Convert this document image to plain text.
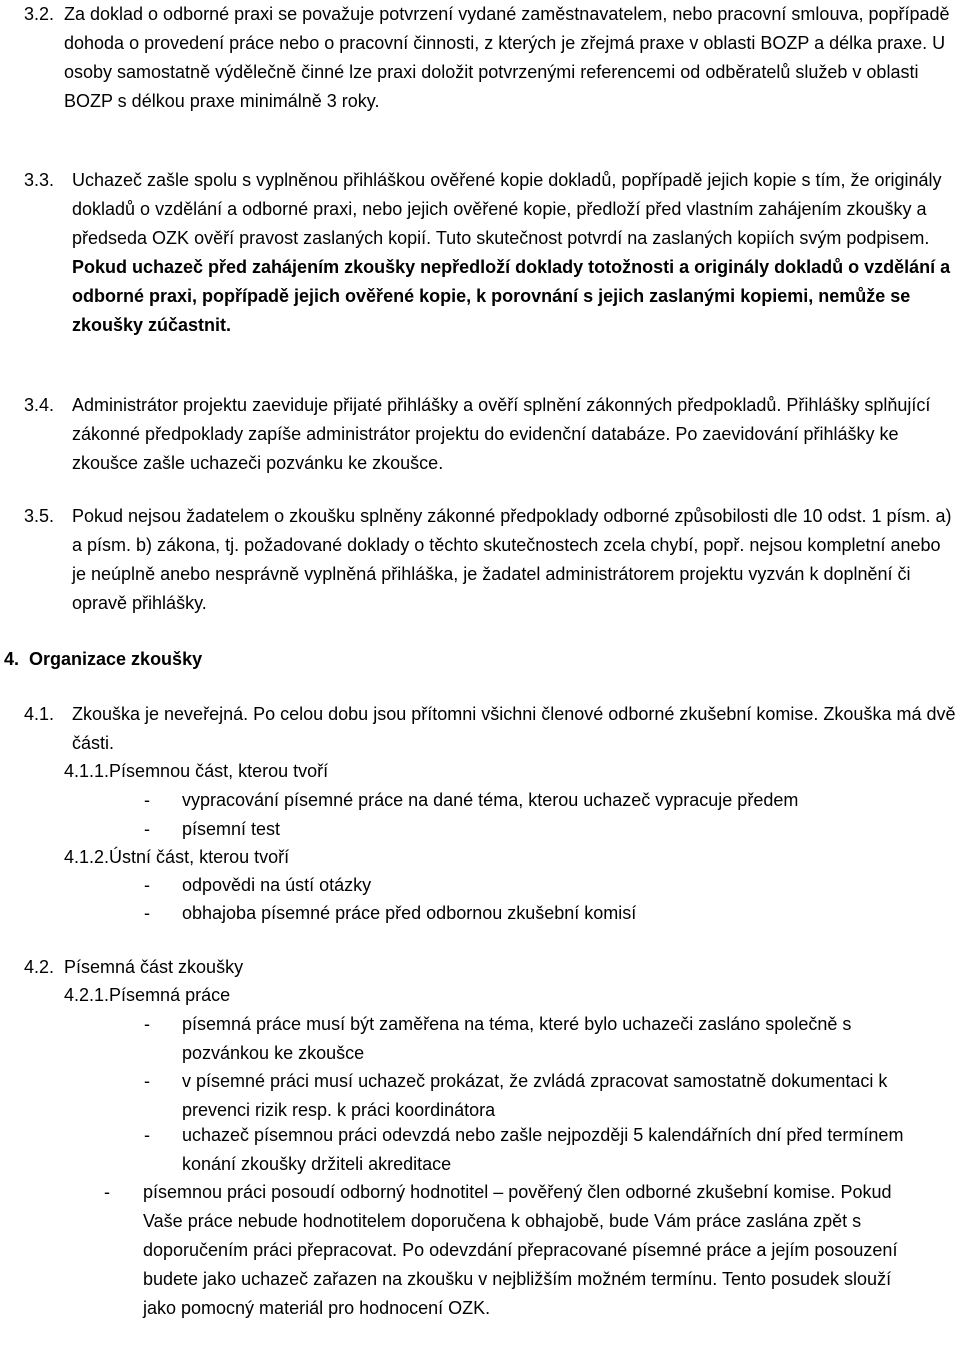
3.2. Za doklad o odborné praxi se považuje potvrzení vydané zaměstnavatelem, nebo pracovní smlouva, popřípadě dohoda o provedení práce nebo o pracovní činnosti, z kterých je zřejmá praxe v oblasti BOZP a délka praxe. U osoby samostatně výdělečně činné lze praxi doložit potvrzenými referencemi od odběratelů služeb v oblasti BOZP s délkou praxe minimálně 3 roky.
3.3. Uchazeč zašle spolu s vyplněnou přihláškou ověřené kopie dokladů, popřípadě jejich kopie s tím, že originály dokladů o vzdělání a odborné praxi, nebo jejich ověřené kopie, předloží před vlastním zahájením zkoušky a předseda OZK ověří pravost zaslaných kopií. Tuto skutečnost potvrdí na zaslaných kopiích svým podpisem. Pokud uchazeč před zahájením zkoušky nepředloží doklady totožnosti a originály dokladů o vzdělání a odborné praxi, popřípadě jejich ověřené kopie, k porovnání s jejich zaslanými kopiemi, nemůže se zkoušky zúčastnit.
3.4. Administrátor projektu zaeviduje přijaté přihlášky a ověří splnění zákonných předpokladů. Přihlášky splňující zákonné předpoklady zapíše administrátor projektu do evidenční databáze. Po zaevidování přihlášky ke zkoušce zašle uchazeči pozvánku ke zkoušce.
3.5. Pokud nejsou žadatelem o zkoušku splněny zákonné předpoklady odborné způsobilosti dle 10 odst. 1 písm. a) a písm. b) zákona, tj. požadované doklady o těchto skutečnostech zcela chybí, popř. nejsou kompletní anebo je neúplně anebo nesprávně vyplněná přihláška, je žadatel administrátorem projektu vyzván k doplnění či opravě přihlášky.
4.  Organizace zkoušky
4.1. Zkouška je neveřejná. Po celou dobu jsou přítomni všichni členové odborné zkušební komise. Zkouška má dvě části.
4.1.1.Písemnou část, kterou tvoří
- vypracování písemné práce na dané téma, kterou uchazeč vypracuje předem
- písemní test
4.1.2.Ústní část, kterou tvoří
- odpovědi na ústí otázky
- obhajoba písemné práce před odbornou zkušební komisí
4.2. Písemná část zkoušky
4.2.1.Písemná práce
- písemná práce musí být zaměřena na téma, které bylo uchazeči zasláno společně s pozvánkou ke zkoušce
- v písemné práci musí uchazeč prokázat, že zvládá zpracovat samostatně dokumentaci k prevenci rizik resp. k práci koordinátora
- uchazeč písemnou práci odevzdá nebo zašle nejpozději 5 kalendářních dní před termínem konání zkoušky držiteli akreditace
- písemnou práci posoudí odborný hodnotitel – pověřený člen odborné zkušební komise. Pokud Vaše práce nebude hodnotitelem doporučena k obhajobě, bude Vám práce zaslána zpět s doporučením práci přepracovat. Po odevzdání přepracované písemné práce a jejím posouzení budete jako uchazeč zařazen na zkoušku v nejbližším možném termínu. Tento posudek slouží jako pomocný materiál pro hodnocení OZK.
